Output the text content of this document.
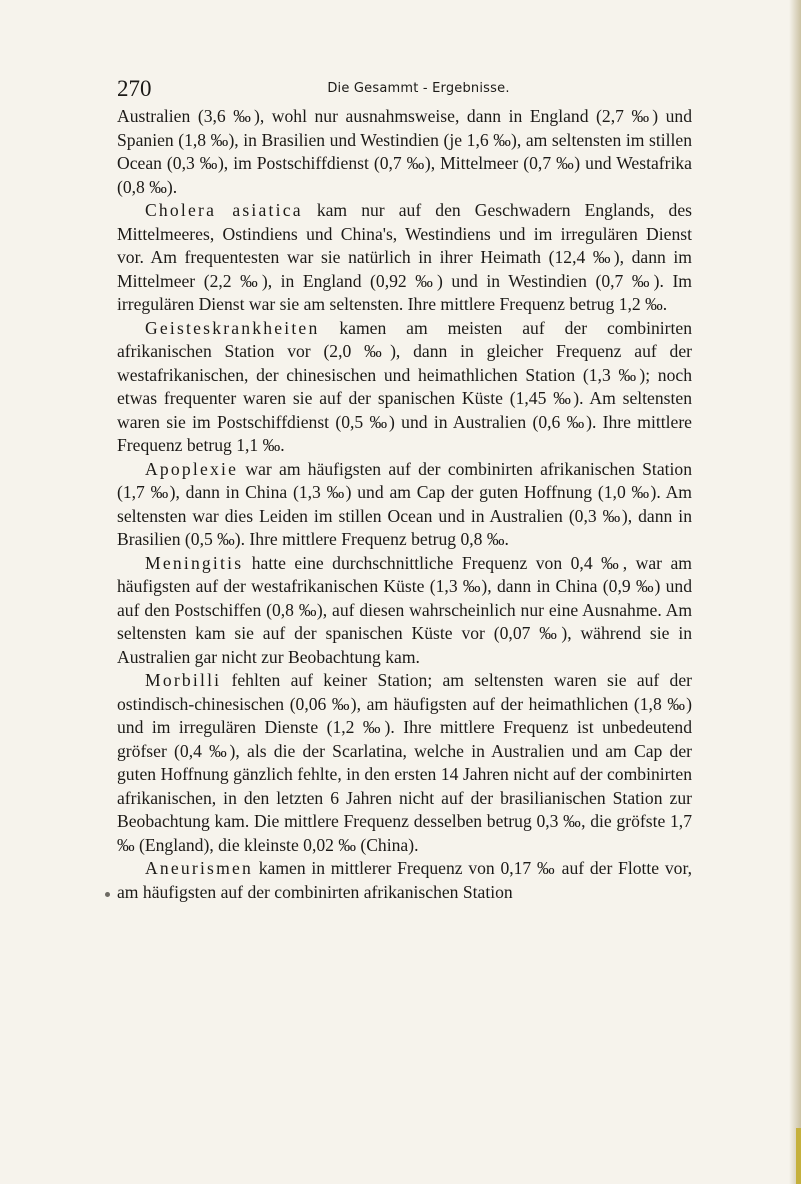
270	Die Gesammt - Ergebnisse.

Australien (3,6 ‰), wohl nur ausnahmsweise, dann in England (2,7 ‰) und Spanien (1,8 ‰), in Brasilien und Westindien (je 1,6 ‰), am seltensten im stillen Ocean (0,3 ‰), im Postschiffdienst (0,7 ‰), Mittelmeer (0,7 ‰) und Westafrika (0,8 ‰).

Cholera asiatica kam nur auf den Geschwadern Englands, des Mittelmeeres, Ostindiens und China's, Westindiens und im irregulären Dienst vor. Am frequentesten war sie natürlich in ihrer Heimath (12,4 ‰), dann im Mittelmeer (2,2 ‰), in England (0,92 ‰) und in Westindien (0,7 ‰). Im irregulären Dienst war sie am seltensten. Ihre mittlere Frequenz betrug 1,2 ‰.

Geisteskrankheiten kamen am meisten auf der combinirten afrikanischen Station vor (2,0 ‰), dann in gleicher Frequenz auf der westafrikanischen, der chinesischen und heimathlichen Station (1,3 ‰); noch etwas frequenter waren sie auf der spanischen Küste (1,45 ‰). Am seltensten waren sie im Postschiffdienst (0,5 ‰) und in Australien (0,6 ‰). Ihre mittlere Frequenz betrug 1,1 ‰.

Apoplexie war am häufigsten auf der combinirten afrikanischen Station (1,7 ‰), dann in China (1,3 ‰) und am Cap der guten Hoffnung (1,0 ‰). Am seltensten war dies Leiden im stillen Ocean und in Australien (0,3 ‰), dann in Brasilien (0,5 ‰). Ihre mittlere Frequenz betrug 0,8 ‰.

Meningitis hatte eine durchschnittliche Frequenz von 0,4 ‰, war am häufigsten auf der westafrikanischen Küste (1,3 ‰), dann in China (0,9 ‰) und auf den Postschiffen (0,8 ‰), auf diesen wahrscheinlich nur eine Ausnahme. Am seltensten kam sie auf der spanischen Küste vor (0,07 ‰), während sie in Australien gar nicht zur Beobachtung kam.

Morbilli fehlten auf keiner Station; am seltensten waren sie auf der ostindisch-chinesischen (0,06 ‰), am häufigsten auf der heimathlichen (1,8 ‰) und im irregulären Dienste (1,2 ‰). Ihre mittlere Frequenz ist unbedeutend gröfser (0,4 ‰), als die der Scarlatina, welche in Australien und am Cap der guten Hoffnung gänzlich fehlte, in den ersten 14 Jahren nicht auf der combinirten afrikanischen, in den letzten 6 Jahren nicht auf der brasilianischen Station zur Beobachtung kam. Die mittlere Frequenz desselben betrug 0,3 ‰, die gröfste 1,7 ‰ (England), die kleinste 0,02 ‰ (China).

Aneurismen kamen in mittlerer Frequenz von 0,17 ‰ auf der Flotte vor, am häufigsten auf der combinirten afrikanischen Station
